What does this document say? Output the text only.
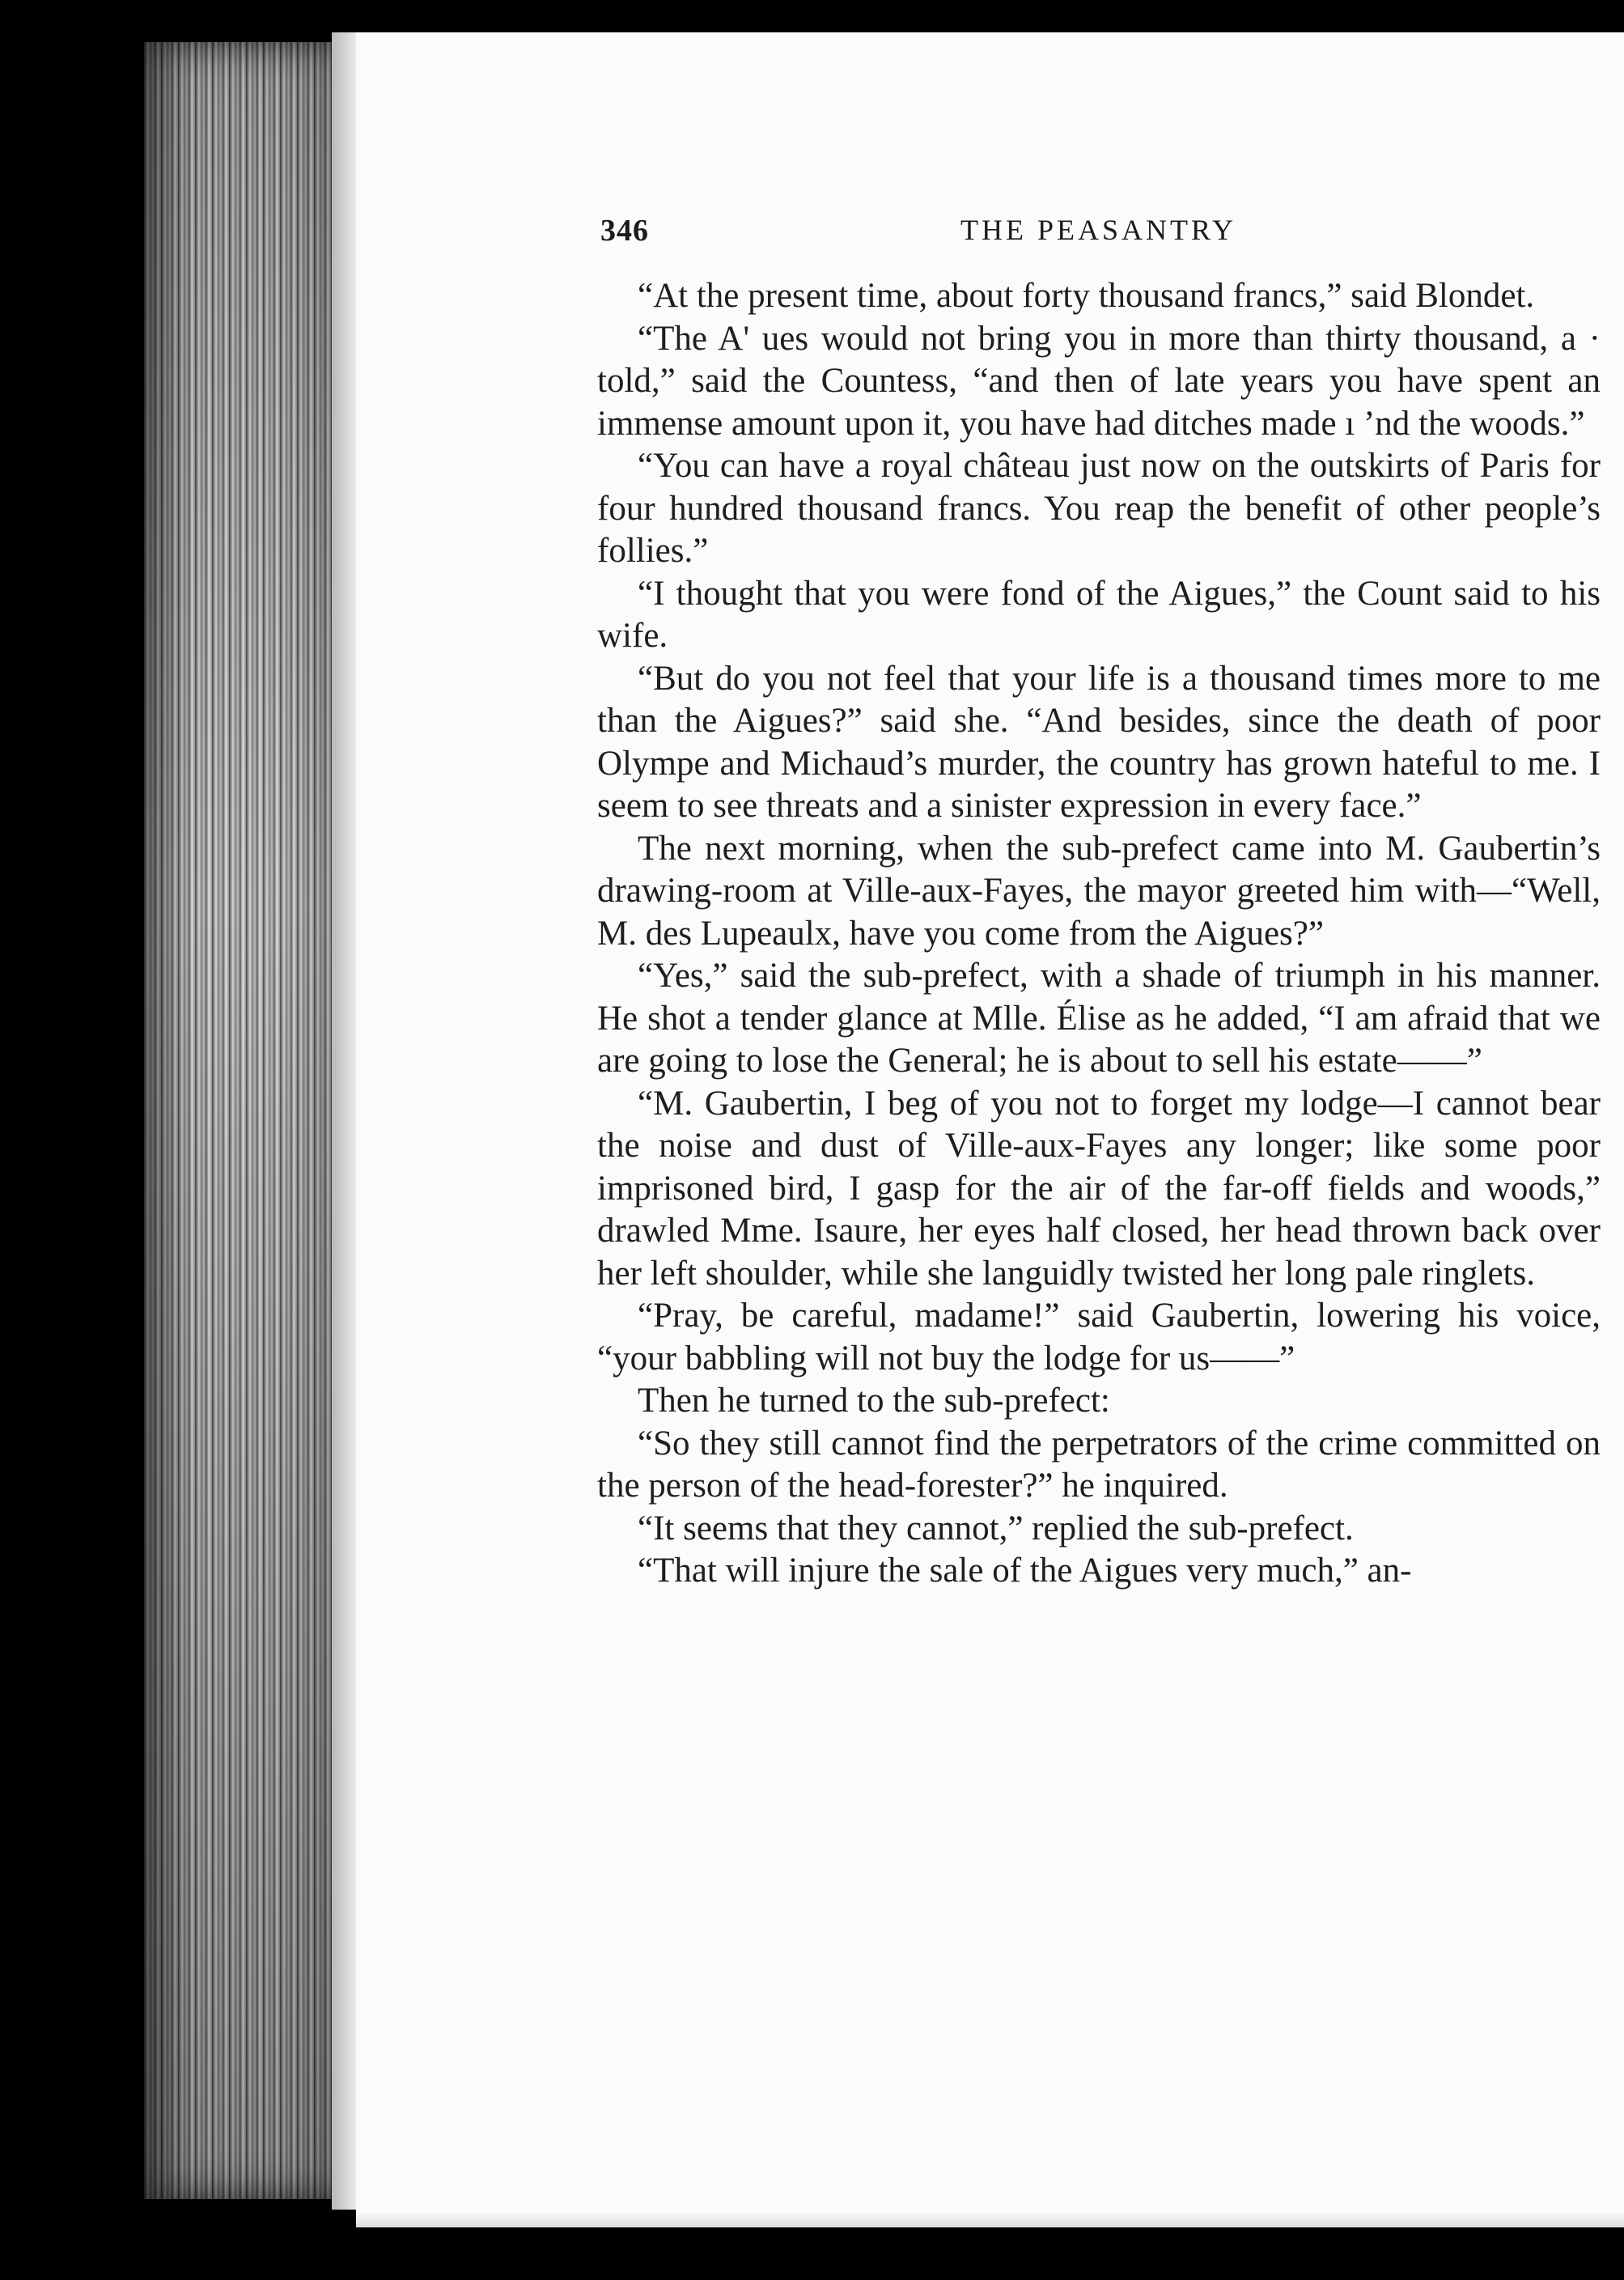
346	THE PEASANTRY

“At the present time, about forty thousand francs,” said Blondet.

“The A' ues would not bring you in more than thirty thousand, a · told,” said the Countess, “and then of late years you have spent an immense amount upon it, you have had ditches made ı ’nd the woods.”

“You can have a royal château just now on the outskirts of Paris for four hundred thousand francs. You reap the benefit of other people’s follies.”

“I thought that you were fond of the Aigues,” the Count said to his wife.

“But do you not feel that your life is a thousand times more to me than the Aigues?” said she. “And besides, since the death of poor Olympe and Michaud’s murder, the country has grown hateful to me. I seem to see threats and a sinister expression in every face.”

The next morning, when the sub-prefect came into M. Gaubertin’s drawing-room at Ville-aux-Fayes, the mayor greeted him with—“Well, M. des Lupeaulx, have you come from the Aigues?”

“Yes,” said the sub-prefect, with a shade of triumph in his manner. He shot a tender glance at Mlle. Élise as he added, “I am afraid that we are going to lose the General; he is about to sell his estate——”

“M. Gaubertin, I beg of you not to forget my lodge—I cannot bear the noise and dust of Ville-aux-Fayes any longer; like some poor imprisoned bird, I gasp for the air of the far-off fields and woods,” drawled Mme. Isaure, her eyes half closed, her head thrown back over her left shoulder, while she languidly twisted her long pale ringlets.

“Pray, be careful, madame!” said Gaubertin, lowering his voice, “your babbling will not buy the lodge for us——”

Then he turned to the sub-prefect:

“So they still cannot find the perpetrators of the crime committed on the person of the head-forester?” he inquired.

“It seems that they cannot,” replied the sub-prefect.

“That will injure the sale of the Aigues very much,” an-
